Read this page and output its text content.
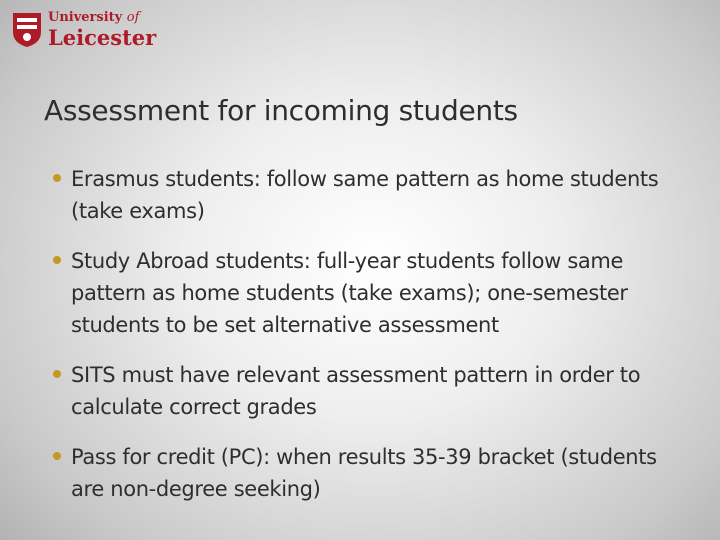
University of
Leicester
Assessment for incoming students
Erasmus students: follow same pattern as home students (take exams)
Study Abroad students: full-year students follow same pattern as home students (take exams); one-semester students to be set alternative assessment
SITS must have relevant assessment pattern in order to calculate correct grades
Pass for credit (PC): when results 35-39 bracket (students are non-degree seeking)
